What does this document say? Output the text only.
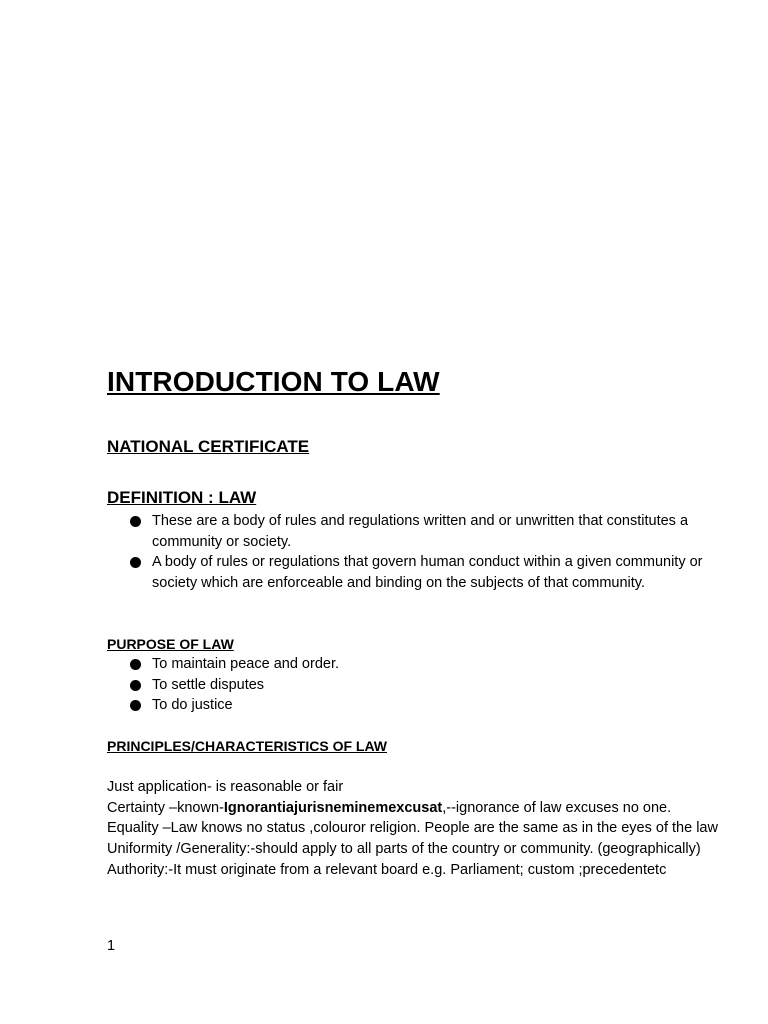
INTRODUCTION TO LAW
NATIONAL CERTIFICATE
DEFINITION : LAW
These are a body of rules and regulations written and or unwritten that constitutes a community or society.
A body of rules or regulations that govern human conduct within a given community or society which are enforceable and binding on the subjects of that community.
PURPOSE OF LAW
To maintain peace and order.
To settle disputes
To do justice
PRINCIPLES/CHARACTERISTICS OF LAW

Just application- is reasonable or fair

Certainty –known-Ignorantiajurisneminemexcusat,--ignorance of law excuses no one.

Equality –Law knows no status ,colouror religion. People are the same as in the eyes of the law

Uniformity /Generality:-should apply to all parts of the country or community. (geographically)

Authority:-It must originate from a relevant board e.g. Parliament; custom ;precedentetc

1
